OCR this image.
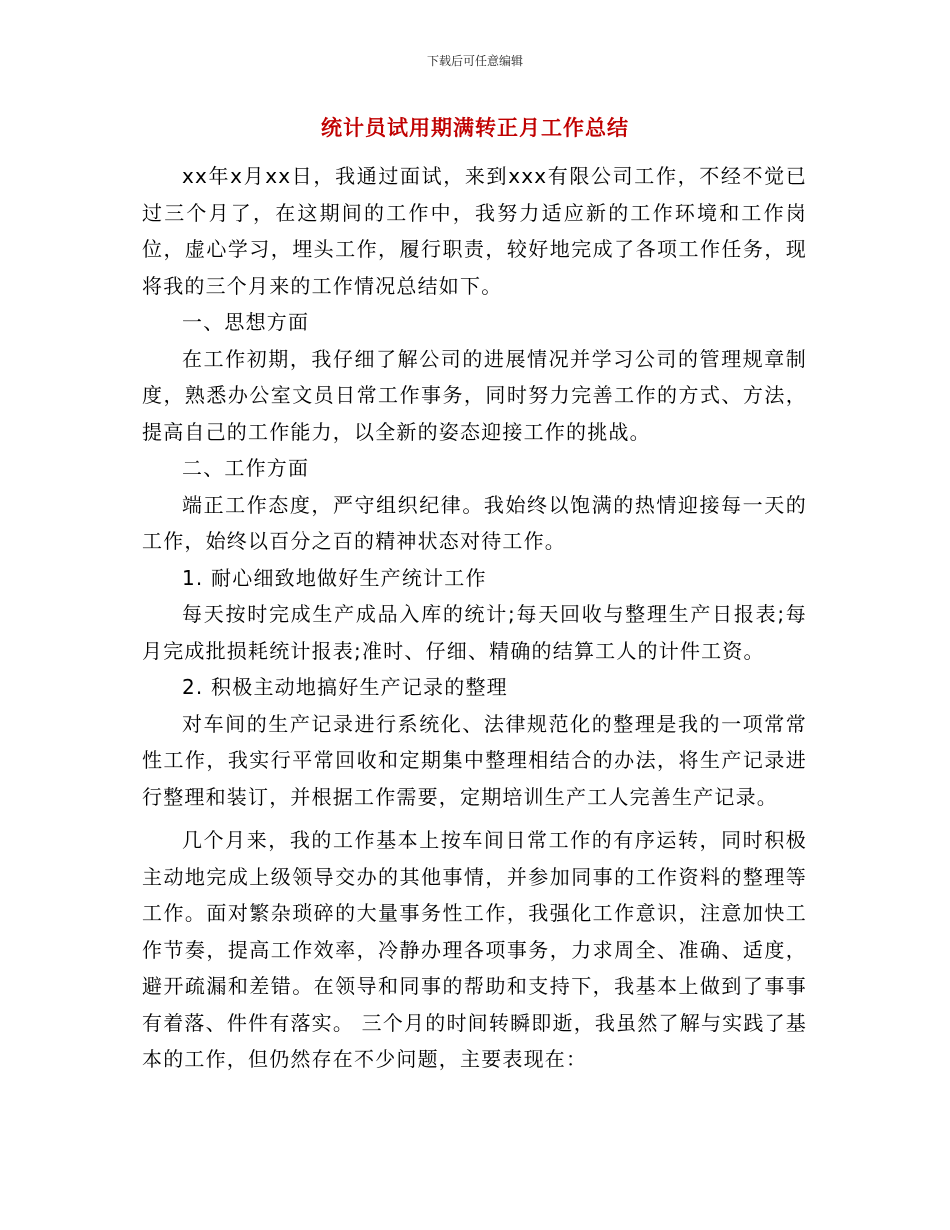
下载后可任意编辑
统计员试用期满转正月工作总结

xx年x月xx日，我通过面试，来到xxx有限公司工作，不经不觉已过三个月了，在这期间的工作中，我努力适应新的工作环境和工作岗位，虚心学习，埋头工作，履行职责，较好地完成了各项工作任务，现将我的三个月来的工作情况总结如下。

一、思想方面

在工作初期，我仔细了解公司的进展情况并学习公司的管理规章制度，熟悉办公室文员日常工作事务，同时努力完善工作的方式、方法，提高自己的工作能力，以全新的姿态迎接工作的挑战。

二、工作方面

端正工作态度，严守组织纪律。我始终以饱满的热情迎接每一天的工作，始终以百分之百的精神状态对待工作。

1. 耐心细致地做好生产统计工作

每天按时完成生产成品入库的统计;每天回收与整理生产日报表;每月完成批损耗统计报表;准时、仔细、精确的结算工人的计件工资。

2. 积极主动地搞好生产记录的整理

对车间的生产记录进行系统化、法律规范化的整理是我的一项常常性工作，我实行平常回收和定期集中整理相结合的办法，将生产记录进行整理和装订，并根据工作需要，定期培训生产工人完善生产记录。

几个月来，我的工作基本上按车间日常工作的有序运转，同时积极主动地完成上级领导交办的其他事情，并参加同事的工作资料的整理等工作。面对繁杂琐碎的大量事务性工作，我强化工作意识，注意加快工作节奏，提高工作效率，冷静办理各项事务，力求周全、准确、适度，避开疏漏和差错。在领导和同事的帮助和支持下，我基本上做到了事事有着落、件件有落实。 三个月的时间转瞬即逝，我虽然了解与实践了基本的工作，但仍然存在不少问题，主要表现在：
